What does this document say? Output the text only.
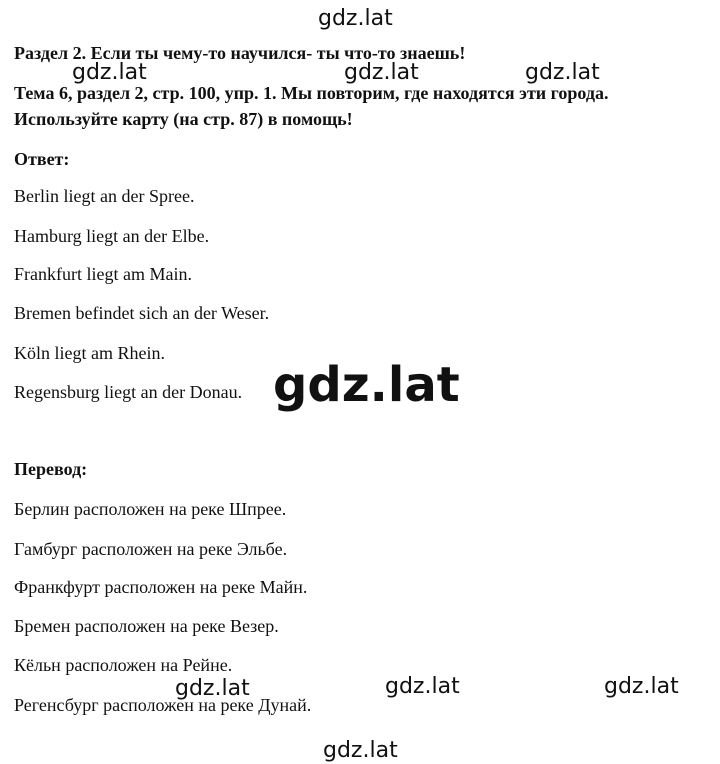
Раздел 2. Если ты чему-то научился- ты что-то знаешь!
Тема 6, раздел 2, стр. 100, упр. 1. Мы повторим, где находятся эти города.
Используйте карту (на стр. 87) в помощь!
Ответ:
Berlin liegt an der Spree.
Hamburg liegt an der Elbe.
Frankfurt liegt am Main.
Bremen befindet sich an der Weser.
Köln liegt am Rhein.
Regensburg liegt an der Donau.
Перевод:
Берлин расположен на реке Шпрее.
Гамбург расположен на реке Эльбе.
Франкфурт расположен на реке Майн.
Бремен расположен на реке Везер.
Кёльн расположен на Рейне.
Регенсбург расположен на реке Дунай.
gdz.lat
gdz.lat	gdz.lat	gdz.lat
gdz.lat
gdz.lat	gdz.lat	gdz.lat
gdz.lat
